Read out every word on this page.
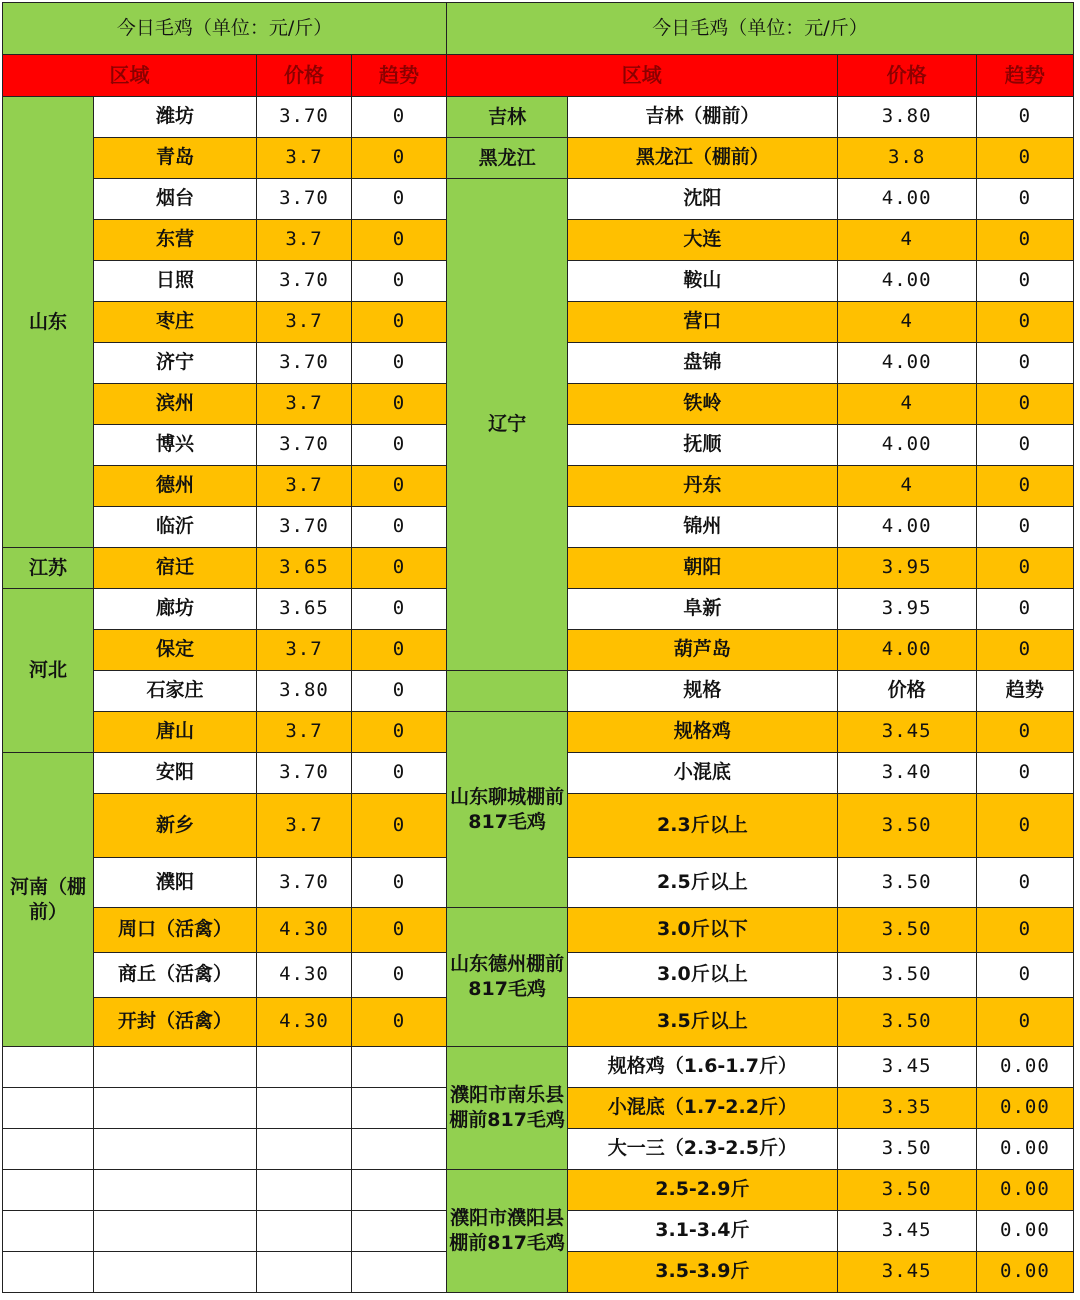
今日毛鸡（单位：元/斤）			
区域		价格	趋势
山东	潍坊	3.70	0
	青岛	3.7	0
	烟台	3.70	0
	东营	3.7	0
	日照	3.70	0
	枣庄	3.7	0
	济宁	3.70	0
	滨州	3.7	0
	博兴	3.70	0
	德州	3.7	0
	临沂	3.70	0
江苏	宿迁	3.65	0
河北	廊坊	3.65	0
	保定	3.7	0
	石家庄	3.80	0
	唐山	3.7	0
河南（棚前）	安阳	3.70	0
	新乡	3.7	0
	濮阳	3.70	0
	周口（活禽）	4.30	0
	商丘（活禽）	4.30	0
	开封（活禽）	4.30	0

今日毛鸡（单位：元/斤）			
区域		价格	趋势
吉林	吉林（棚前）	3.80	0
黑龙江	黑龙江（棚前）	3.8	0
辽宁	沈阳	4.00	0
	大连	4	0
	鞍山	4.00	0
	营口	4	0
	盘锦	4.00	0
	铁岭	4	0
	抚顺	4.00	0
	丹东	4	0
	锦州	4.00	0
	朝阳	3.95	0
	阜新	3.95	0
	葫芦岛	4.00	0
	规格	价格	趋势
山东聊城棚前817毛鸡	规格鸡	3.45	0
	小混底	3.40	0
	2.3斤以上	3.50	0
	2.5斤以上	3.50	0
山东德州棚前817毛鸡	3.0斤以下	3.50	0
	3.0斤以上	3.50	0
	3.5斤以上	3.50	0
濮阳市南乐县棚前817毛鸡	规格鸡（1.6-1.7斤）	3.45	0.00
	小混底（1.7-2.2斤）	3.35	0.00
	大一三（2.3-2.5斤）	3.50	0.00
濮阳市濮阳县棚前817毛鸡	2.5-2.9斤	3.50	0.00
	3.1-3.4斤	3.45	0.00
	3.5-3.9斤	3.45	0.00
